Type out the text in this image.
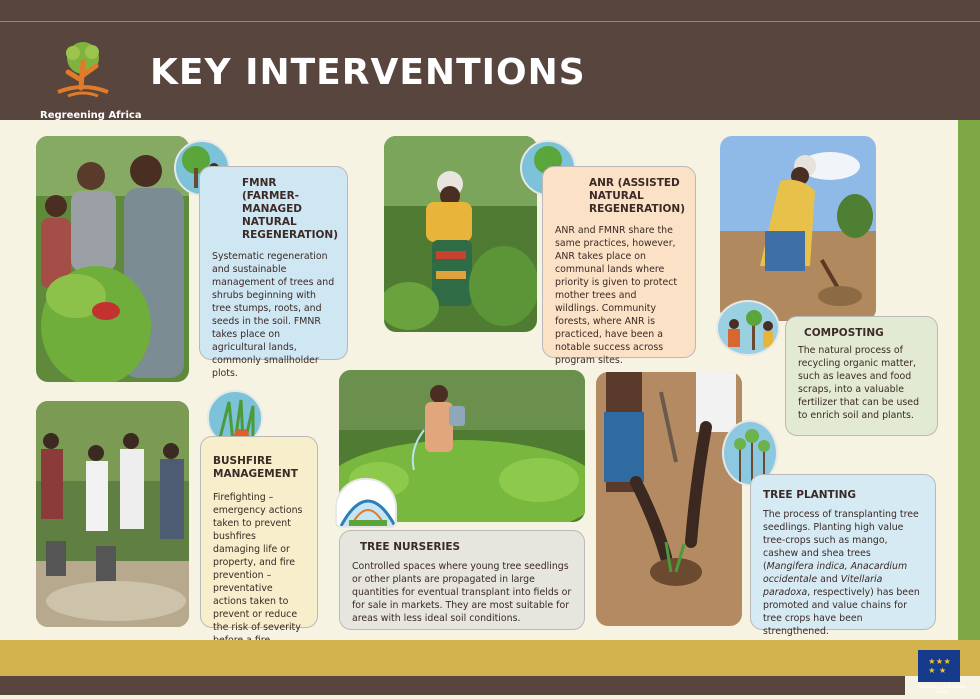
Regreening Africa
KEY INTERVENTIONS
FMNR (FARMER-MANAGED NATURAL REGENERATION)

Systematic regeneration and sustainable management of trees and shrubs beginning with tree stumps, roots, and seeds in the soil. FMNR takes place on agricultural lands, commonly smallholder plots.

ANR (ASSISTED NATURAL REGENERATION)

ANR and FMNR share the same practices, however, ANR takes place on communal lands where priority is given to protect mother trees and wildlings. Community forests, where ANR is practiced, have been a notable success across program sites.

COMPOSTING

The natural process of recycling organic matter, such as leaves and food scraps, into a valuable fertilizer that can be used to enrich soil and plants.

BUSHFIRE MANAGEMENT

Firefighting – emergency actions taken to prevent bushfires damaging life or property, and fire prevention – preventative actions taken to prevent or reduce the risk of severity

TREE NURSERIES

Controlled spaces where young tree seedlings or other plants are propagated in large quantities for eventual transplant into fields or for sale in markets. They are most suitable for areas with less ideal soil conditions.

TREE PLANTING

The process of transplanting tree seedlings. Planting high value tree-crops such as mango, cashew and shea trees (Mangifera indica, Anacardium occidentale and Vitellaria paradoxa, respectively) has been promoted and value chains for tree crops have been strengthened.

★ ★ ★
★   ★
Funded by the European Union
